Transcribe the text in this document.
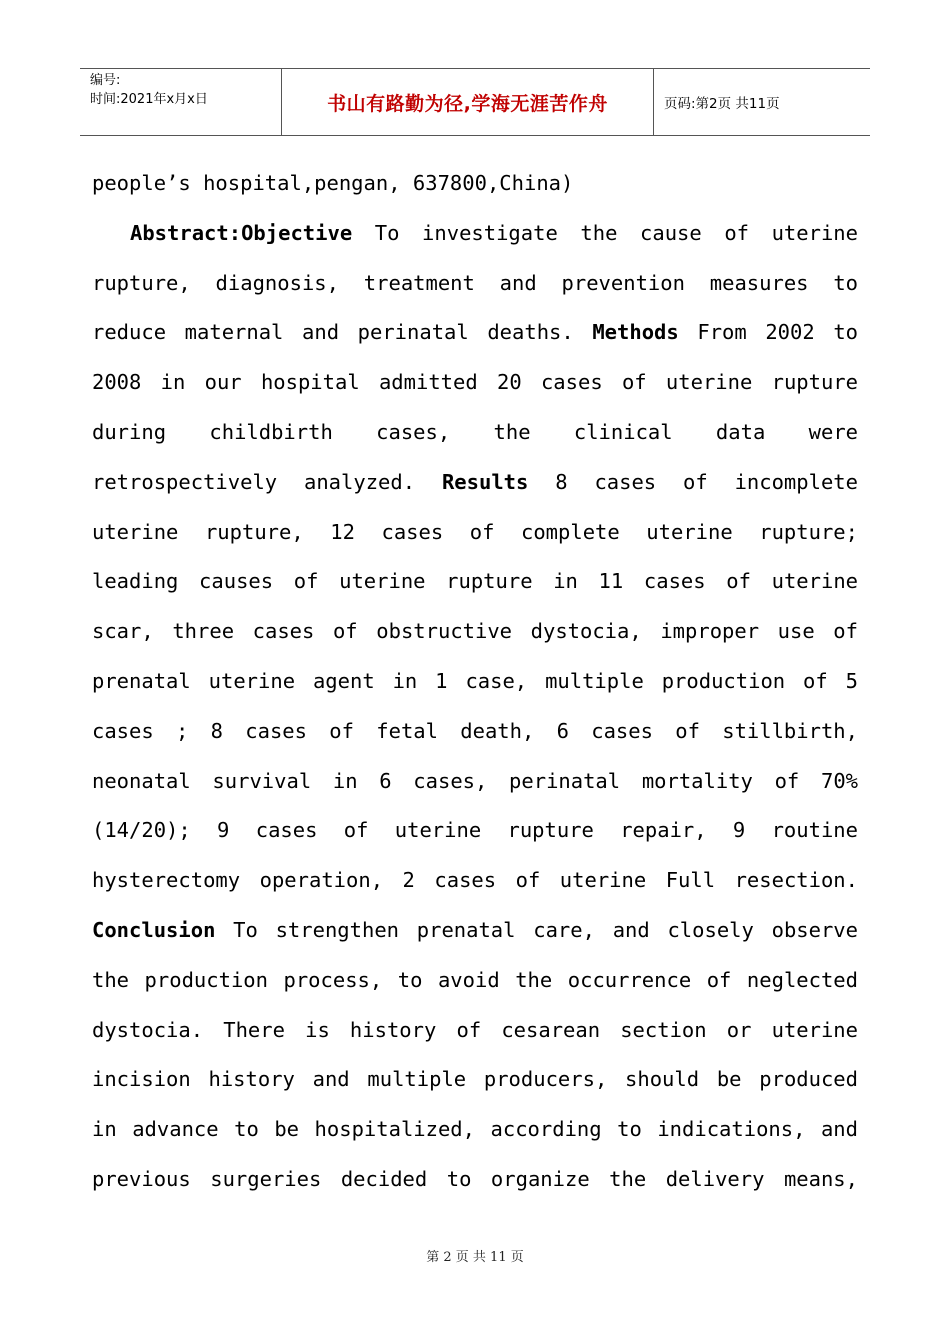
编号:
时间:2021年x月x日	书山有路勤为径,学海无涯苦作舟	页码:第2页 共11页
people’s hospital,pengan, 637800,China)
Abstract:Objective To investigate the cause of uterine
rupture, diagnosis, treatment and prevention measures to
reduce maternal and perinatal deaths. Methods From 2002 to
2008 in our hospital admitted 20 cases of uterine rupture
during childbirth cases, the clinical data were
retrospectively analyzed. Results 8 cases of incomplete
uterine rupture, 12 cases of complete uterine rupture;
leading causes of uterine rupture in 11 cases of uterine
scar, three cases of obstructive dystocia, improper use of
prenatal uterine agent in 1 case, multiple production of 5
cases ; 8 cases of fetal death, 6 cases of stillbirth,
neonatal survival in 6 cases, perinatal mortality of 70%
(14/20); 9 cases of uterine rupture repair, 9 routine
hysterectomy operation, 2 cases of uterine Full resection.
Conclusion To strengthen prenatal care, and closely observe
the production process, to avoid the occurrence of neglected
dystocia. There is history of cesarean section or uterine
incision history and multiple producers, should be produced
in advance to be hospitalized, according to indications, and
previous surgeries decided to organize the delivery means,
第 2 页 共 11 页
